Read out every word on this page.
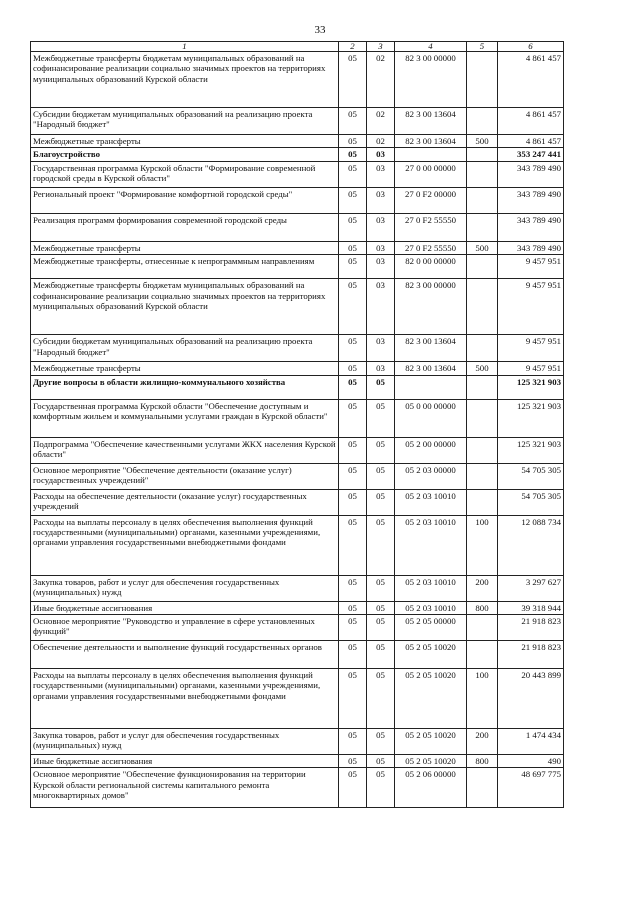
33
1	2	3	4	5	6
Межбюджетные трансферты бюджетам муниципальных образований на софинансирование реализации социально значимых проектов на территориях муниципальных образований Курской области	05	02	82 3 00 00000		4 861 457
Субсидии бюджетам муниципальных образований на реализацию проекта "Народный бюджет"	05	02	82 3 00 13604		4 861 457
Межбюджетные трансферты	05	02	82 3 00 13604	500	4 861 457
Благоустройство	05	03			353 247 441
Государственная программа Курской области "Формирование современной городской среды в Курской области"	05	03	27 0 00 00000		343 789 490
Региональный проект "Формирование комфортной городской среды"	05	03	27 0 F2 00000		343 789 490
Реализация программ формирования современной городской среды	05	03	27 0 F2 55550		343 789 490
Межбюджетные трансферты	05	03	27 0 F2 55550	500	343 789 490
Межбюджетные трансферты, отнесенные к непрограммным направлениям	05	03	82 0 00 00000		9 457 951
Межбюджетные трансферты бюджетам муниципальных образований на софинансирование реализации социально значимых проектов на территориях муниципальных образований Курской области	05	03	82 3 00 00000		9 457 951
Субсидии бюджетам муниципальных образований на реализацию проекта "Народный бюджет"	05	03	82 3 00 13604		9 457 951
Межбюджетные трансферты	05	03	82 3 00 13604	500	9 457 951
Другие вопросы в области жилищно-коммунального хозяйства	05	05			125 321 903
Государственная программа Курской области "Обеспечение доступным и комфортным жильем и коммунальными услугами граждан в Курской области"	05	05	05 0 00 00000		125 321 903
Подпрограмма "Обеспечение качественными услугами ЖКХ населения Курской области"	05	05	05 2 00 00000		125 321 903
Основное мероприятие "Обеспечение деятельности (оказание услуг) государственных учреждений"	05	05	05 2 03 00000		54 705 305
Расходы на обеспечение деятельности (оказание услуг) государственных учреждений	05	05	05 2 03 10010		54 705 305
Расходы на выплаты персоналу в целях обеспечения выполнения функций государственными (муниципальными) органами, казенными учреждениями, органами управления государственными внебюджетными фондами	05	05	05 2 03 10010	100	12 088 734
Закупка товаров, работ и услуг для обеспечения государственных (муниципальных) нужд	05	05	05 2 03 10010	200	3 297 627
Иные бюджетные ассигнования	05	05	05 2 03 10010	800	39 318 944
Основное мероприятие "Руководство и управление в сфере установленных функций"	05	05	05 2 05 00000		21 918 823
Обеспечение деятельности и выполнение функций государственных органов	05	05	05 2 05 10020		21 918 823
Расходы на выплаты персоналу в целях обеспечения выполнения функций государственными (муниципальными) органами, казенными учреждениями, органами управления государственными внебюджетными фондами	05	05	05 2 05 10020	100	20 443 899
Закупка товаров, работ и услуг для обеспечения государственных (муниципальных) нужд	05	05	05 2 05 10020	200	1 474 434
Иные бюджетные ассигнования	05	05	05 2 05 10020	800	490
Основное мероприятие "Обеспечение функционирования на территории Курской области региональной системы капитального ремонта многоквартирных домов"	05	05	05 2 06 00000		48 697 775
